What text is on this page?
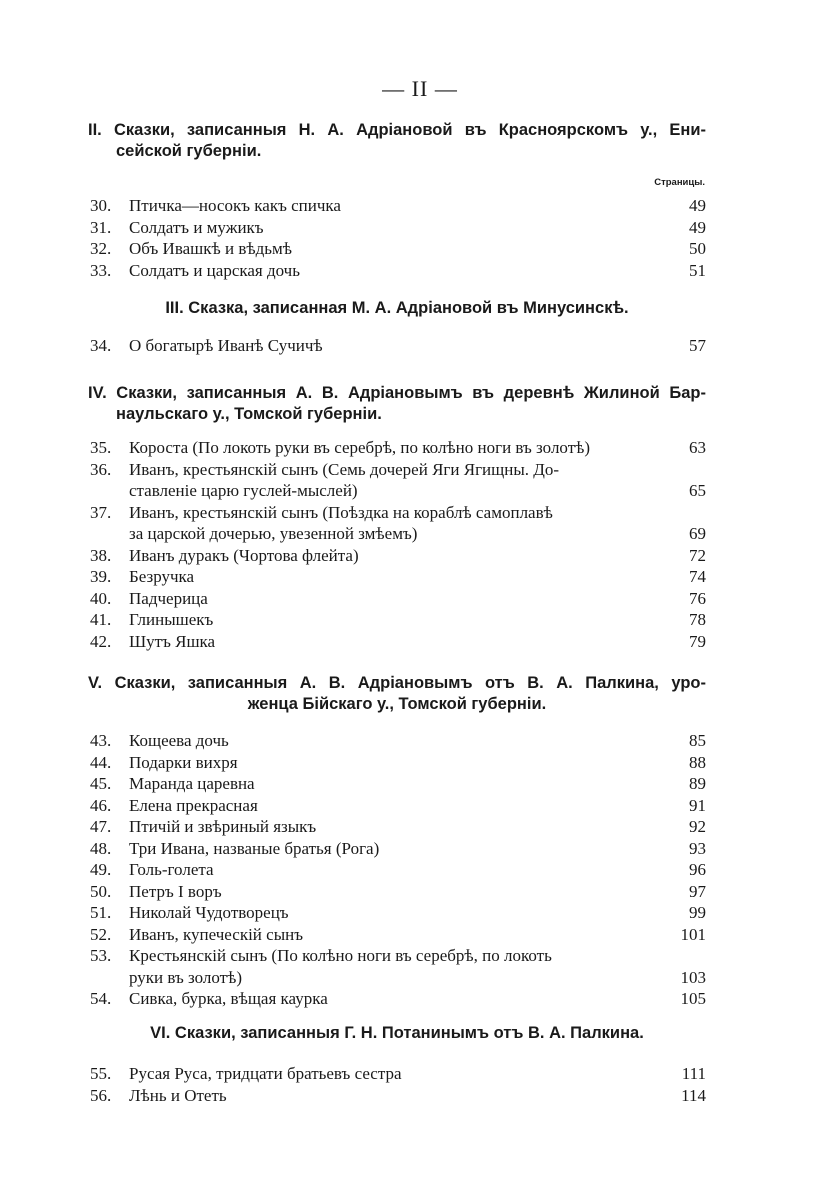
— II —
II. Сказки, записанныя Н. А. Адріановой въ Красноярскомъ у., Ени-
сейской губерніи.
Страницы.
30.	Птичка—носокъ какъ спичка	49
31.	Солдатъ и мужикъ	49
32.	Объ Ивашкѣ и вѣдьмѣ	50
33.	Солдатъ и царская дочь	51
34.	О богатырѣ Иванѣ Сучичѣ	57
35.	Короста (По локоть руки въ серебрѣ, по колѣно ноги въ золотѣ)	63
36.	Иванъ, крестьянскій сынъ (Семь дочерей Яги Ягищны. До-
ставленіе царю гуслей-мыслей)	65
37.	Иванъ, крестьянскій сынъ (Поѣздка на кораблѣ самоплавѣ
за царской дочерью, увезенной змѣемъ)	69
38.	Иванъ дуракъ (Чортова флейта)	72
39.	Безручка	74
40.	Падчерица	76
41.	Глинышекъ	78
42.	Шутъ Яшка	79
43.	Кощеева дочь	85
44.	Подарки вихря	88
45.	Маранда царевна	89
46.	Елена прекрасная	91
47.	Птичій и звѣриный языкъ	92
48.	Три Ивана, названые братья (Рога)	93
49.	Голь-голета	96
50.	Петръ I воръ	97
51.	Николай Чудотворецъ	99
52.	Иванъ, купеческій сынъ	101
53.	Крестьянскій сынъ (По колѣно ноги въ серебрѣ, по локоть
руки въ золотѣ)	103
54.	Сивка, бурка, вѣщая каурка	105
55.	Русая Руса, тридцати братьевъ сестра	111
56.	Лѣнь и Отеть	114
III. Сказка, записанная М. А. Адріановой въ Минусинскѣ.
IV. Сказки, записанныя А. В. Адріановымъ въ деревнѣ Жилиной Бар-
наульскаго у., Томской губерніи.
V. Сказки, записанныя А. В. Адріановымъ отъ В. А. Палкина, уро-
женца Бійскаго у., Томской губерніи.
VI. Сказки, записанныя Г. Н. Потанинымъ отъ В. А. Палкина.
